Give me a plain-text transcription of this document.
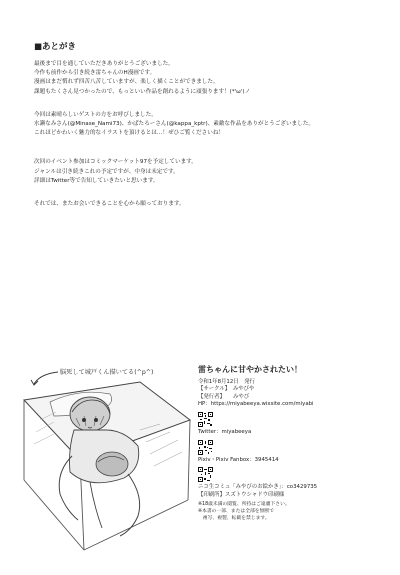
■あとがき
最後まで目を通していただきありがとうございました。
今作も前作から引き続き雷ちゃんのH漫画です。
漫画はまだ慣れず四苦八苦していますが、楽しく描くことができました。
課題もたくさん見つかったので、もっといい作品を創れるように頑張ります！(*'ω')ノ
今回は素晴らしいゲストの方をお呼びしました。
水瀬なみさん(@Minase_Nami73)、かぱたろーさん(@kappa_kptr)、素敵な作品をありがとうございました。
これほどかわいく魅力的なイラストを頂けるとは…！ぜひご覧くださいね！
次回のイベント参加はコミックマーケット97を予定しています。
ジャンルは引き続きこれの予定ですが、中身は未定です。
詳細はTwitter等で告知していきたいと思います。
それでは、またお会いできることを心から願っております。
脳死して城戸くん描いてる(^p^)	雷ちゃんに甘やかされたい！
令和1年8月12日　発行
【サークル】　みやびや
【発行者】　　みやび
HP：https://miyabeeya.wixsite.com/miyabi
Twitter：miyabeeya
Pixiv・Pixiv Fanbox：3945414
ニコ生コミュ「みやびのお絵かき」：co3429735
【印刷所】スズトウシャドウ印刷様
※18歳未満の閲覧、所持はご遠慮下さい。
※本書の一部、または全部を無断で
　複写、複製、転載を禁じます。
